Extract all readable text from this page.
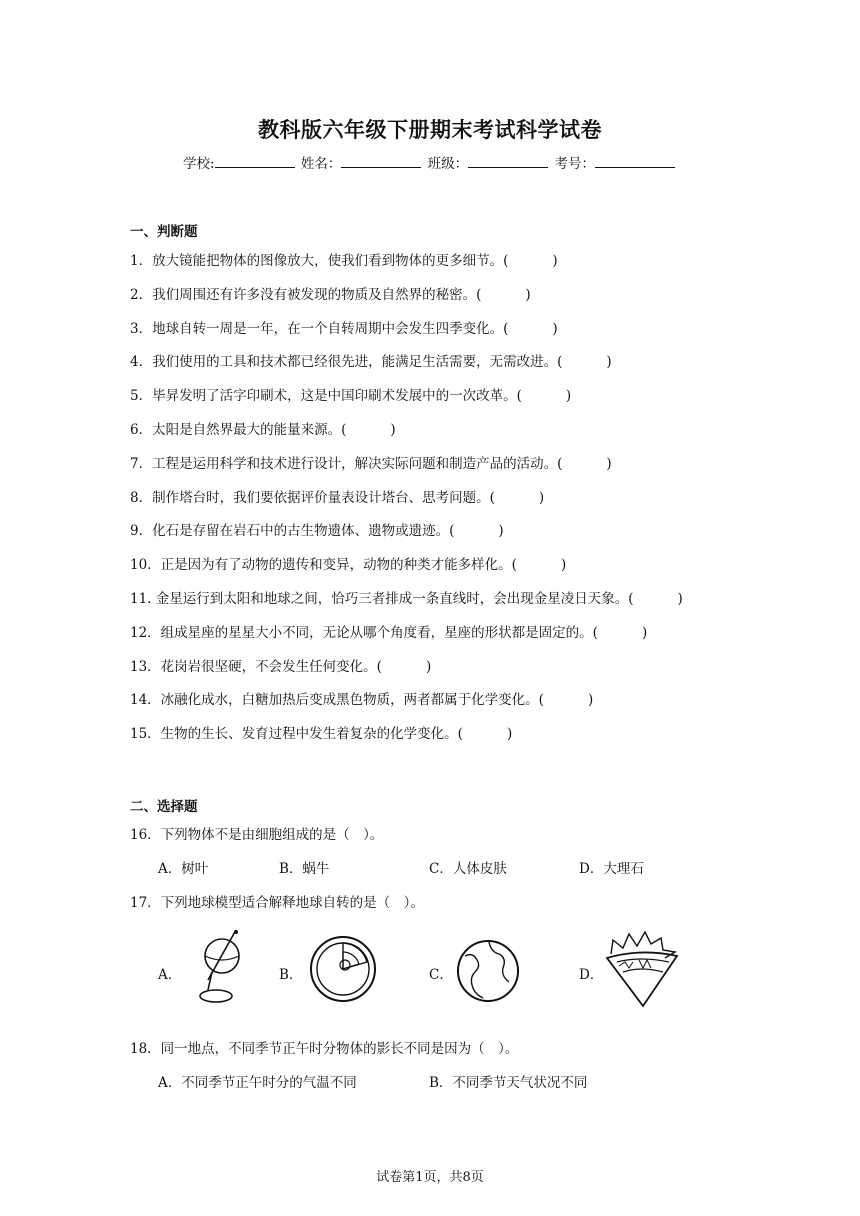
教科版六年级下册期末考试科学试卷
学校:	姓名：	班级：	考号：
一、判断题
1．放大镜能把物体的图像放大，使我们看到物体的更多细节。(	)
2．我们周围还有许多没有被发现的物质及自然界的秘密。(	)
3．地球自转一周是一年，在一个自转周期中会发生四季变化。(	)
4．我们使用的工具和技术都已经很先进，能满足生活需要，无需改进。(	)
5．毕昇发明了活字印刷术，这是中国印刷术发展中的一次改革。(	)
6．太阳是自然界最大的能量来源。(	)
7．工程是运用科学和技术进行设计，解决实际问题和制造产品的活动。(	)
8．制作塔台时，我们要依据评价量表设计塔台、思考问题。(	)
9．化石是存留在岩石中的古生物遗体、遗物或遗迹。(	)
10．正是因为有了动物的遗传和变异，动物的种类才能多样化。(	)
11. 金星运行到太阳和地球之间，恰巧三者排成一条直线时，会出现金星凌日天象。(	)
12．组成星座的星星大小不同，无论从哪个角度看，星座的形状都是固定的。(	)
13．花岗岩很坚硬，不会发生任何变化。(	)
14．冰融化成水，白糖加热后变成黑色物质，两者都属于化学变化。(	)
15．生物的生长、发育过程中发生着复杂的化学变化。(	)
二、选择题
16．下列物体不是由细胞组成的是（　）。
A．树叶	B．蜗牛	C．人体皮肤	D．大理石
17．下列地球模型适合解释地球自转的是（　）。
A．	B．	C．	D．
18．同一地点，不同季节正午时分物体的影长不同是因为（　）。
A．不同季节正午时分的气温不同	B．不同季节天气状况不同
试卷第1页，共8页
